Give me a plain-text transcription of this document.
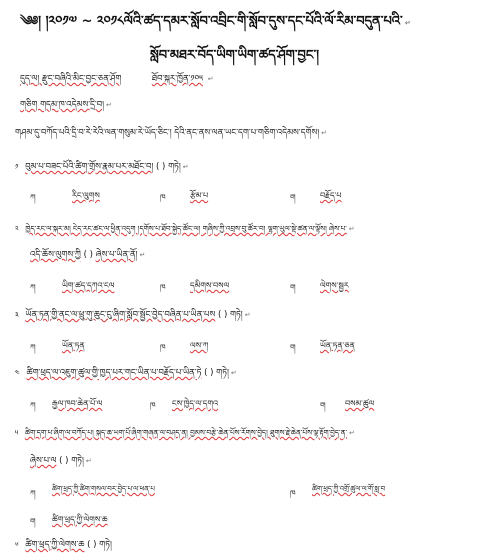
༄༅། །༢༠༡༧ ~ ༢༠༡༨ལོའི་ཚད་དམར་སློབ་འབྲིང་གི་སློབ་དུས་དང་པོའི་ལོ་རིམ་བདུན་པའི་ ↵
སློབ་མཐར་བོད་ཡིག་ཡིག་ཚད་ཤོག་བྱང་།
དུད་ལ། རྫུང་བཞིའི་མིང་བྱང་ཅན་ཤོག	ཐོབ་སྐར་ཁྱོན་༡༠༥ ↵
གཅིག གདམ་ཁ་འདེམས་དྲི་བ། ↵
གཤམ་དུ་བཀོད་པའི་དྲི་བ་རེ་རེའི་ལན་གསུམ་རེ་ཡོད་ཅིང་། དེའི་ནང་ནས་ལན་ཡང་དག་པ་གཅིག་འདེམས་དགོས། ↵
༡ བུམ་པ་བཟང་པོའི་ཚིག་གྲོས་རྣམ་པར་མཐོང་བ། ( ) གཏེ། ↵
ཀ	རིང་ལུགས	ཁ	རྩོམ་པ	ག	བརྗོད་པ
༢ ཁྱེད་རང་ལ་སྐར་མ། ངེད་རང་ཚང་ལ་ཕྱིན་འདུག །དགོས་པ་ཐོབ་སྐྱེད་ཚོང་ལ། གཞིས་ཀྱི་འབྲས་བུ་ཚོར་བ། ལྷག་ཡུལ་སྡེ་ཚན་ལ་ལྟོས། ཞེས་པ་ ↵
འདི་ཆོས་ལུགས་ཀྱི ( ) ཞེས་པ་ཡིན་ནོ། ↵
ཀ	ཡིག་ཚད་དཀའ་ངལ	ཁ	དམིགས་བསལ	ག	ལེགས་སྦྱར
༣ ཡོན་ཏན་གྱི་ནང་ལ་ཕྲུ་གུ་ཆུང་ངུ་ཞིག་སློབ་སྦྱོང་བྱེད་བཞིན་པ་ཡིན་པས ( ) གཏེ། ↵
ཀ	ཡོན་ཏན	ཁ	ལས་ཀ	ག	ཡོན་ཏན་ཅན
༤ ཚིག་ཕྲད་ལ་འཇུག་ཚུལ་གྱི་ཁྱད་པར་གང་ཡིན་པ་བརྗོད་པ་ཡིན་ཏེ ( ) གཏེ། ↵
ཀ རྒྱལ་ཁབ་ཆེན་པོ་ལ	ཁ ངས་ཁྱེད་ལ་དགའ	ག བསམ་ཚུལ
༥ ཚིག་དག་པ་ཞིག་ལ་བཀོད་པ། སྐད་ཆ་ཡག་པོ་ཞིག་གཞན་ལ་བཤད་ན། བྱམས་བརྩེ་ཆེན་པོས་རོགས་བྱེད། ཐུགས་རྗེ་ཆེན་པོས་ལྟ་རྟོག་བྱེད་ན་ ↵
ཞེས་པ་ལ ( ) གཏེ། ↵
ཀ ཚིག་ཕྲད་ཀྱི་ཚིག་གསལ་བར་བྱེད་པ་ལ་ཕན་པ	ཁ ཚིག་ཕྲད་ཀྱི་འགྲོ་ཚུལ་ལ་གོ་སླ་བ
ག ཚིག་ཕྲད་ཀྱི་ལེགས་ཆ
༦ ཚིག་ཕྲད་ཀྱི་ལེགས་ཆ ( ) གཏེ།
